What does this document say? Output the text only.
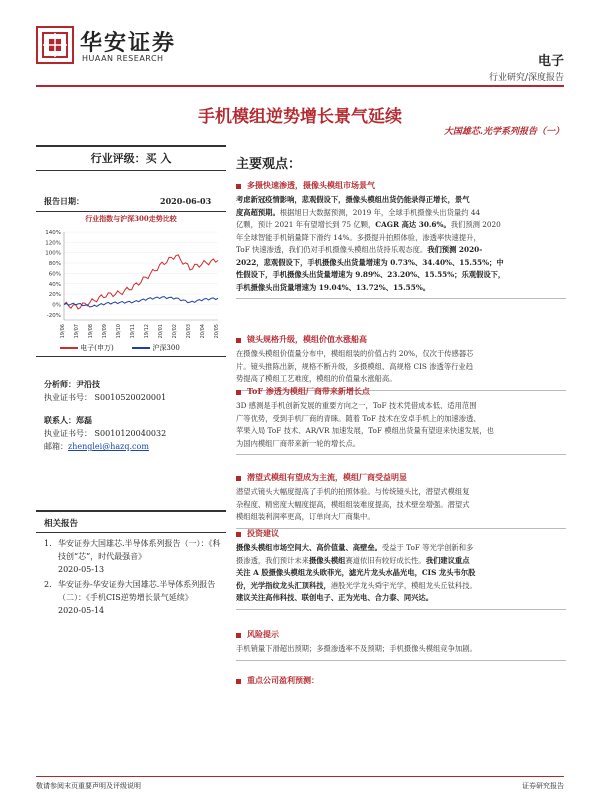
华安证券
HUAAN RESEARCH	电子
行业研究/深度报告
手机模组逆势增长景气延续
大国雄芯.光学系列报告（一）
行业评级：买 入
报告日期：	2020-06-03
行业指数与沪深300走势比较
140%
120%
100%
80%
60%
40%
20%
0%
-20%
19/06 19/07 19/08 19/09 19/10 19/11 19/12 20/01 20/02 20/03 20/04 20/05
电子(申万)	沪深300
分析师：尹沿技
执业证书号： S0010520020001
联系人：郑磊
执业证书号： S0010120040032
邮箱：zhenglei@hazq.com
相关报告
1. 华安证券大国雄芯.半导体系列报告（一）：《科技创“芯”，时代最强音》
2020-05-13
2. 华安证券-华安证券大国雄芯.半导体系列报告（二）：《手机CIS逆势增长景气延续》
2020-05-14
主要观点：
多摄快速渗透，摄像头模组市场景气
考虑新冠疫情影响，悲观假设下，摄像头模组出货仍能录得正增长，景气
度高超预期。根据旭日大数据预测，2019 年，全球手机摄像头出货量约 44
亿颗，预计 2021 年有望增长到 75 亿颗，CAGR 高达 30.6%。我们预测 2020
年全球智能手机销量降下滑约 14%。多摄提升拍照体验，渗透率快速提升，
ToF 快速渗透，我们仍对手机摄像头模组出货持乐观态度。我们预测 2020-
2022，悲观假设下，手机摄像头出货量增速为 0.73%、34.40%、15.55%；中
性假设下，手机摄像头出货量增速为 9.89%、23.20%、15.55%；乐观假设下，
手机摄像头出货量增速为 19.04%、13.72%、15.55%。
镜头规格升级，模组价值水涨船高
在摄像头模组价值量分布中，模组组装的价值占约 20%，仅次于传感器芯
片。镜头推陈出新，规格不断升级，多摄模组、高规格 CIS 渗透等行业趋
势提高了模组工艺难度，模组的价值量水涨船高。
ToF 渗透为模组厂商带来新增长点
3D 感测是手机创新发展的重要方向之一，ToF 技术凭借成本低、适用范围
广等优势，受到手机厂商的青睐。随着 ToF 技术在安卓手机上的加速渗透、
苹果入局 ToF 技术、AR/VR 加速发展，ToF 模组出货量有望迎来快速发展，也
为国内模组厂商带来新一轮的增长点。
潜望式模组有望成为主流，模组厂商受益明显
潜望式镜头大幅度提高了手机的拍照体验。与传统镜头比，潜望式模组复
杂程度、精密度大幅度提高，模组组装难度提高，技术壁垒增强。潜望式
模组组装利润率更高，订单向大厂商集中。
投资建议
摄像头模组市场空间大、高价值量、高壁垒。受益于 ToF 等光学创新和多
摄渗透，我们预计未来摄像头模组赛道依旧有较好成长性。我们建议重点
关注 A 股摄像头模组龙头欧菲光，滤光片龙头水晶光电，CIS 龙头韦尔股
份，光学指纹龙头汇顶科技，港股光学龙头舜宇光学，模组龙头丘钛科技。
建议关注高伟科技、联创电子、正为光电、合力泰、同兴达。
风险提示
手机销量下滑超出预期；多摄渗透率不及预期；手机摄像头模组竞争加剧。
重点公司盈利预测：
敬请参阅末页重要声明及评级说明	证券研究报告
